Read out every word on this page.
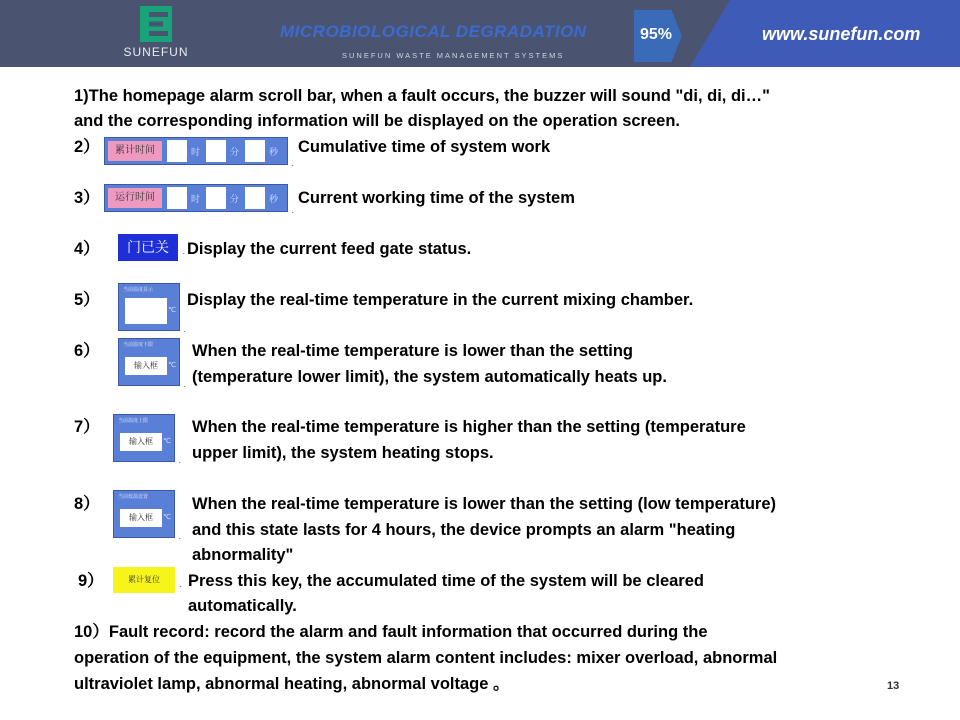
SUNEFUN
MICROBIOLOGICAL DEGRADATION
SUNEFUN WASTE MANAGEMENT SYSTEMS
95%	www.sunefun.com
1)The homepage alarm scroll bar, when a fault occurs, the buzzer will sound "di, di, di…"
and the corresponding information will be displayed on the operation screen.
2）	累计时间	时	分	秒
.
Cumulative time of system work
3）	运行时间	时	分	秒
.
Current working time of the system
4）	门已关 . Display the current feed gate status.
5）
当前温度显示
℃
.
Display the real-time temperature in the current mixing chamber.
6）	当前温度下限
输入框	℃
.
When the real-time temperature is lower than the setting
(temperature lower limit), the system automatically heats up.
7）	当前温度上限
输入框	℃
.
When the real-time temperature is higher than the setting (temperature
upper limit), the system heating stops.
8）	当前低温设置
输入框	℃
.
When the real-time temperature is lower than the setting (low temperature)
and this state lasts for 4 hours, the device prompts an alarm "heating
abnormality"
9）	累计复位 . Press this key, the accumulated time of the system will be cleared
automatically.
10）Fault record: record the alarm and fault information that occurred during the
operation of the equipment, the system alarm content includes: mixer overload, abnormal
ultraviolet lamp, abnormal heating, abnormal voltage 。	13
